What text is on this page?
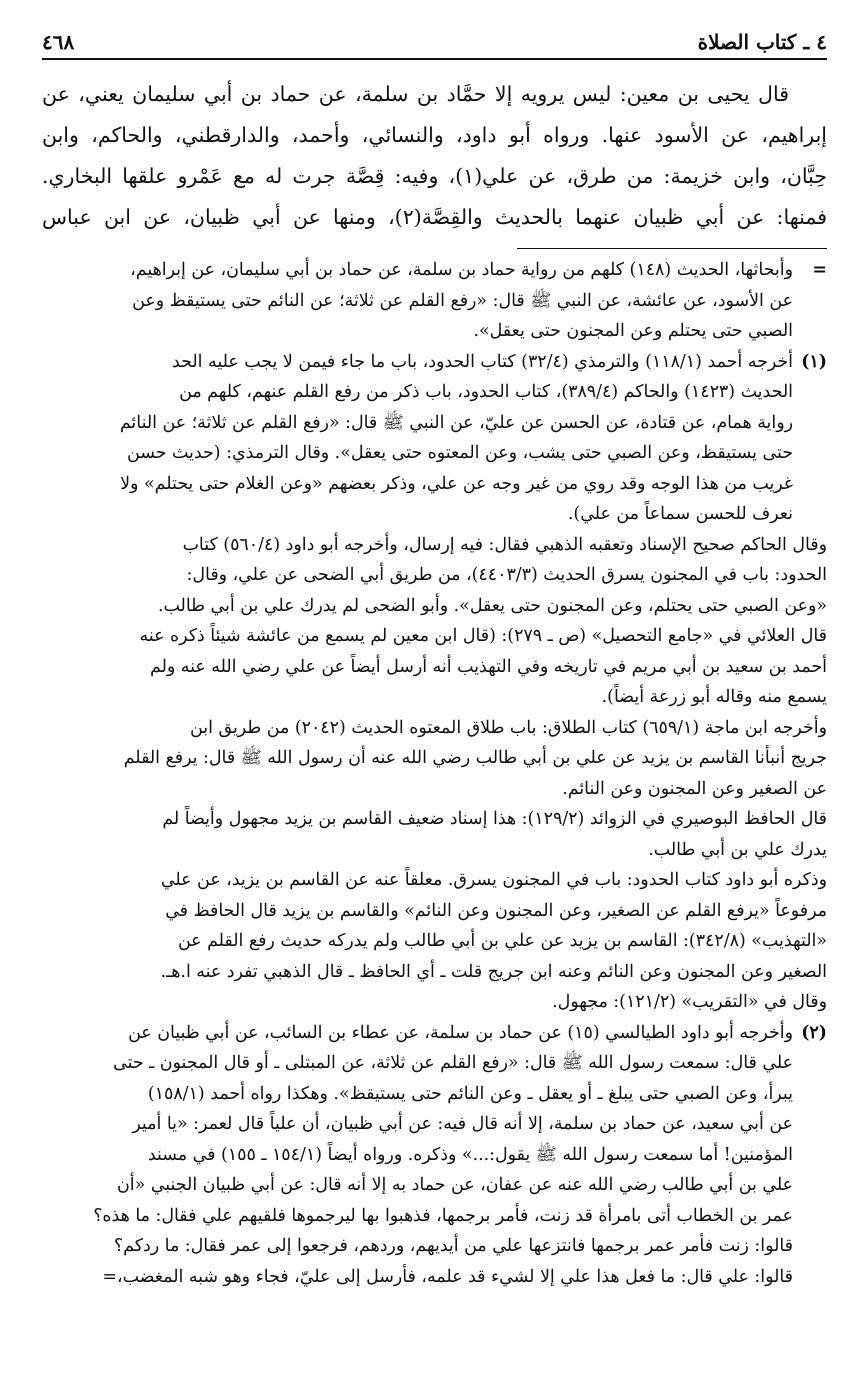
٤ ـ كتاب الصلاة
٤٦٨

قال يحيى بن معين: ليس يرويه إلا حمَّاد بن سلمة، عن حماد بن أبي سليمان يعني، عن

إبراهيم، عن الأسود عنها. ورواه أبو داود، والنسائي، وأحمد، والدارقطني، والحاكم، وابن

حِبَّان، وابن خزيمة: من طرق، عن علي(١)، وفيه: قِصَّة جرت له مع عَمْرو علقها البخاري.

فمنها: عن أبي ظبيان عنهما بالحديث والقِصَّة(٢)، ومنها عن أبي ظبيان، عن ابن عباس

=

وأبحاثها، الحديث (١٤٨) كلهم من رواية حماد بن سلمة، عن حماد بن أبي سليمان، عن إبراهيم،

عن الأسود، عن عائشة، عن النبي ﷺ قال: «رفع القلم عن ثلاثة؛ عن النائم حتى يستيقظ وعن

الصبي حتى يحتلم وعن المجنون حتى يعقل».

(١)

أخرجه أحمد (١١٨/١) والترمذي (٣٢/٤) كتاب الحدود، باب ما جاء فيمن لا يجب عليه الحد

الحديث (١٤٢٣) والحاكم (٣٨٩/٤)، كتاب الحدود، باب ذكر من رفع القلم عنهم، كلهم من

رواية همام، عن قتادة، عن الحسن عن عليّ، عن النبي ﷺ قال: «رفع القلم عن ثلاثة؛ عن النائم

حتى يستيقظ، وعن الصبي حتى يشب، وعن المعتوه حتى يعقل». وقال الترمذي: (حديث حسن

غريب من هذا الوجه وقد روي من غير وجه عن علي، وذكر بعضهم «وعن الغلام حتى يحتلم» ولا

نعرف للحسن سماعاً من علي).

وقال الحاكم صحيح الإسناد وتعقبه الذهبي فقال: فيه إرسال، وأخرجه أبو داود (٥٦٠/٤) كتاب

الحدود: باب في المجنون يسرق الحديث (٤٤٠٣/٣)، من طريق أبي الضحى عن علي، وقال:

«وعن الصبي حتى يحتلم، وعن المجنون حتى يعقل». وأبو الضحى لم يدرك علي بن أبي طالب.

قال العلائي في «جامع التحصيل» (ص ـ ٢٧٩): (قال ابن معين لم يسمع من عائشة شيئاً ذكره عنه

أحمد بن سعيد بن أبي مريم في تاريخه وفي التهذيب أنه أرسل أيضاً عن علي رضي الله عنه ولم

يسمع منه وقاله أبو زرعة أيضاً).

وأخرجه ابن ماجة (٦٥٩/١) كتاب الطلاق: باب طلاق المعتوه الحديث (٢٠٤٢) من طريق ابن

جريج أنبأنا القاسم بن يزيد عن علي بن أبي طالب رضي الله عنه أن رسول الله ﷺ قال: يرفع القلم

عن الصغير وعن المجنون وعن النائم.

قال الحافظ البوصيري في الزوائد (١٢٩/٢): هذا إسناد ضعيف القاسم بن يزيد مجهول وأيضاً لم

يدرك علي بن أبي طالب.

وذكره أبو داود كتاب الحدود: باب في المجنون يسرق. معلقاً عنه عن القاسم بن يزيد، عن علي

مرفوعاً «يرفع القلم عن الصغير، وعن المجنون وعن النائم» والقاسم بن يزيد قال الحافظ في

«التهذيب» (٣٤٢/٨): القاسم بن يزيد عن علي بن أبي طالب ولم يدركه حديث رفع القلم عن

الصغير وعن المجنون وعن النائم وعنه ابن جريج قلت ـ أي الحافظ ـ قال الذهبي تفرد عنه ا.هـ.

وقال في «التقريب» (١٢١/٢): مجهول.

(٢)

وأخرجه أبو داود الطيالسي (١٥) عن حماد بن سلمة، عن عطاء بن السائب، عن أبي ظبيان عن

علي قال: سمعت رسول الله ﷺ قال: «رفع القلم عن ثلاثة، عن المبتلى ـ أو قال المجنون ـ حتى

يبرأ، وعن الصبي حتى يبلغ ـ أو يعقل ـ وعن النائم حتى يستيقظ». وهكذا رواه أحمد (١٥٨/١)

عن أبي سعيد، عن حماد بن سلمة، إلا أنه قال فيه: عن أبي ظبيان، أن علياً قال لعمر: «يا أمير

المؤمنين! أما سمعت رسول الله ﷺ يقول:...» وذكره. ورواه أيضاً (١٥٤/١ ـ ١٥٥) في مسند

علي بن أبي طالب رضي الله عنه عن عفان، عن حماد به إلا أنه قال: عن أبي ظبيان الجنبي «أن

عمر بن الخطاب أتى بامرأة قد زنت، فأمر برجمها، فذهبوا بها ليرجموها فلقيهم علي فقال: ما هذه؟

قالوا: زنت فأمر عمر برجمها فانتزعها علي من أيديهم، وردهم، فرجعوا إلى عمر فقال: ما ردكم؟

قالوا: علي قال: ما فعل هذا علي إلا لشيء قد علمه، فأرسل إلى عليّ، فجاء وهو شبه المغضب،=
